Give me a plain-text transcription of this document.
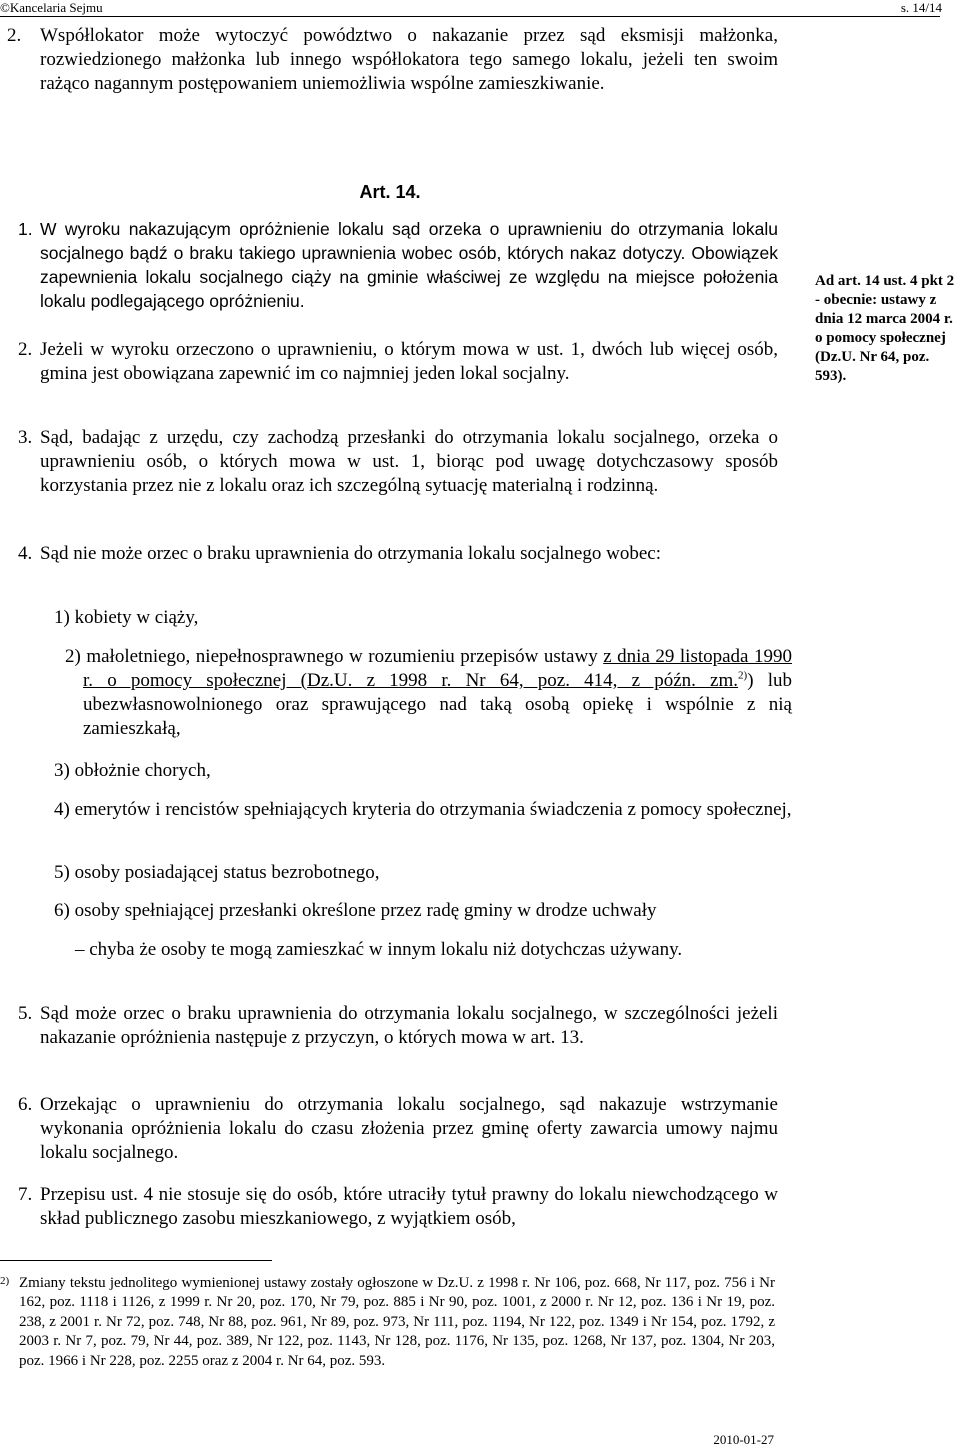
©Kancelaria Sejmu	s. 14/14
2. Współlokator może wytoczyć powództwo o nakazanie przez sąd eksmisji małżonka, rozwiedzionego małżonka lub innego współlokatora tego samego lokalu, jeżeli ten swoim rażąco nagannym postępowaniem uniemożliwia wspólne zamieszkiwanie.

Art. 14.
1. W wyroku nakazującym opróżnienie lokalu sąd orzeka o uprawnieniu do otrzymania lokalu socjalnego bądź o braku takiego uprawnienia wobec osób, których nakaz dotyczy. Obowiązek zapewnienia lokalu socjalnego ciąży na gminie właściwej ze względu na miejsce położenia lokalu podlegającego opróżnieniu.

Ad art. 14 ust. 4 pkt 2 - obecnie: ustawy z dnia 12 marca 2004 r. o pomocy społecznej (Dz.U. Nr 64, poz. 593).

2. Jeżeli w wyroku orzeczono o uprawnieniu, o którym mowa w ust. 1, dwóch lub więcej osób, gmina jest obowiązana zapewnić im co najmniej jeden lokal socjalny.

3. Sąd, badając z urzędu, czy zachodzą przesłanki do otrzymania lokalu socjalnego, orzeka o uprawnieniu osób, o których mowa w ust. 1, biorąc pod uwagę dotychczasowy sposób korzystania przez nie z lokalu oraz ich szczególną sytuację materialną i rodzinną.

4. Sąd nie może orzec o braku uprawnienia do otrzymania lokalu socjalnego wobec:

1) kobiety w ciąży,

2) małoletniego, niepełnosprawnego w rozumieniu przepisów ustawy z dnia 29 listopada 1990 r. o pomocy społecznej (Dz.U. z 1998 r. Nr 64, poz. 414, z późn. zm.$^{2)}$) lub ubezwłasnowolnionego oraz sprawującego nad taką osobą opiekę i wspólnie z nią zamieszkałą,

3) obłożnie chorych,

4) emerytów i rencistów spełniających kryteria do otrzymania świadczenia z pomocy społecznej,

5) osoby posiadającej status bezrobotnego,

6) osoby spełniającej przesłanki określone przez radę gminy w drodze uchwały

– chyba że osoby te mogą zamieszkać w innym lokalu niż dotychczas używany.

5. Sąd może orzec o braku uprawnienia do otrzymania lokalu socjalnego, w szczególności jeżeli nakazanie opróżnienia następuje z przyczyn, o których mowa w art. 13.

6. Orzekając o uprawnieniu do otrzymania lokalu socjalnego, sąd nakazuje wstrzymanie wykonania opróżnienia lokalu do czasu złożenia przez gminę oferty zawarcia umowy najmu lokalu socjalnego.

7. Przepisu ust. 4 nie stosuje się do osób, które utraciły tytuł prawny do lokalu niewchodzącego w skład publicznego zasobu mieszkaniowego, z wyjątkiem osób,

2) Zmiany tekstu jednolitego wymienionej ustawy zostały ogłoszone w Dz.U. z 1998 r. Nr 106, poz. 668, Nr 117, poz. 756 i Nr 162, poz. 1118 i 1126, z 1999 r. Nr 20, poz. 170, Nr 79, poz. 885 i Nr 90, poz. 1001, z 2000 r. Nr 12, poz. 136 i Nr 19, poz. 238, z 2001 r. Nr 72, poz. 748, Nr 88, poz. 961, Nr 89, poz. 973, Nr 111, poz. 1194, Nr 122, poz. 1349 i Nr 154, poz. 1792, z 2003 r. Nr 7, poz. 79, Nr 44, poz. 389, Nr 122, poz. 1143, Nr 128, poz. 1176, Nr 135, poz. 1268, Nr 137, poz. 1304, Nr 203, poz. 1966 i Nr 228, poz. 2255 oraz z 2004 r. Nr 64, poz. 593.

2010-01-27
